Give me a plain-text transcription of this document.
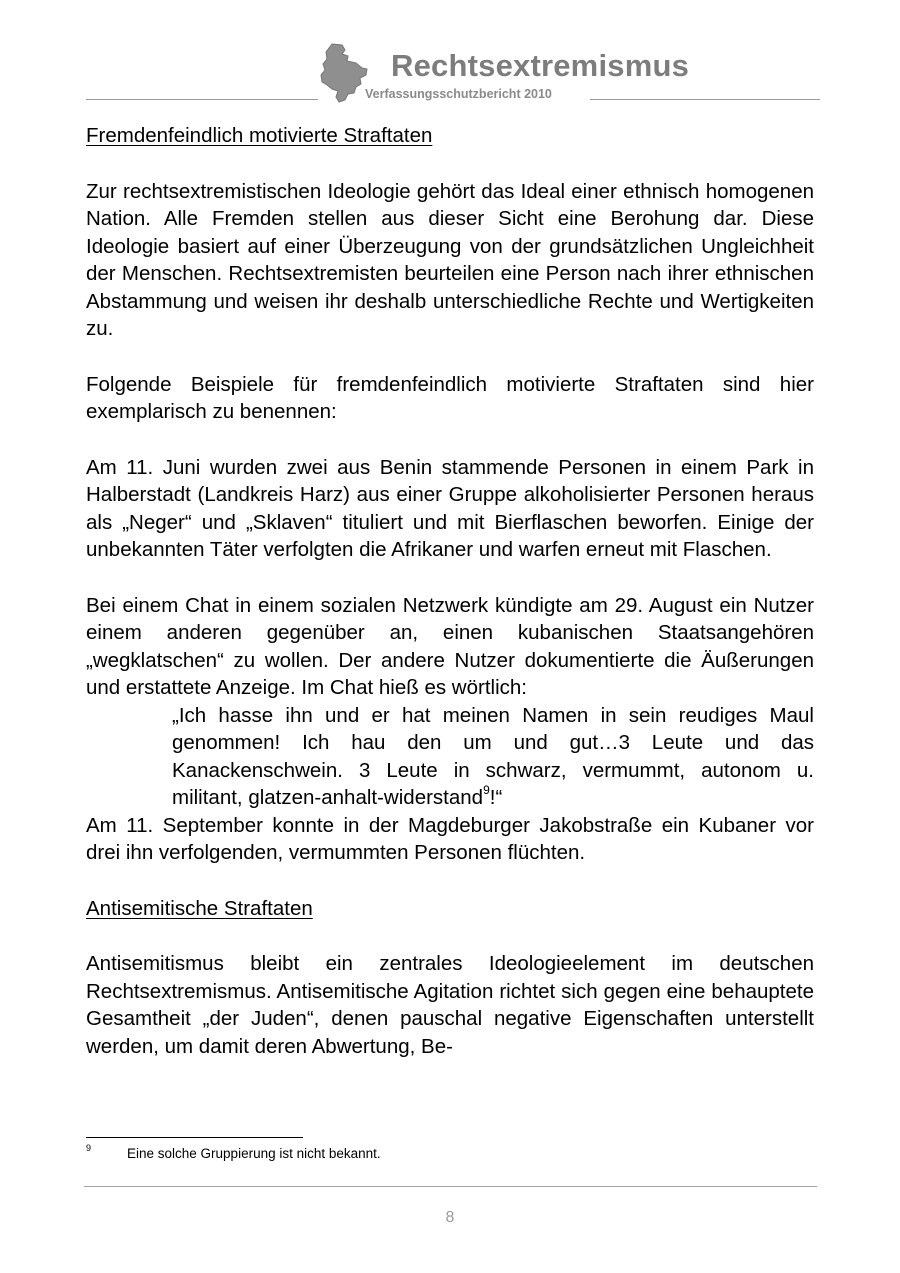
Rechtsextremismus
Verfassungsschutzbericht 2010

Fremdenfeindlich motivierte Straftaten

Zur rechtsextremistischen Ideologie gehört das Ideal einer ethnisch homogenen Nation. Alle Fremden stellen aus dieser Sicht eine Berohung dar. Diese Ideologie basiert auf einer Überzeugung von der grundsätzlichen Ungleichheit der Menschen. Rechtsextremisten beurteilen eine Person nach ihrer ethnischen Abstammung und weisen ihr deshalb unterschiedliche Rechte und Wertigkeiten zu.

Folgende Beispiele für fremdenfeindlich motivierte Straftaten sind hier exemplarisch zu benennen:

Am 11. Juni wurden zwei aus Benin stammende Personen in einem Park in Halberstadt (Landkreis Harz) aus einer Gruppe alkoholisierter Personen heraus als „Neger“ und „Sklaven“ tituliert und mit Bierflaschen beworfen. Einige der unbekannten Täter verfolgten die Afrikaner und warfen erneut mit Flaschen.

Bei einem Chat in einem sozialen Netzwerk kündigte am 29. August ein Nutzer einem anderen gegenüber an, einen kubanischen Staatsangehören „wegklatschen“ zu wollen. Der andere Nutzer dokumentierte die Äußerungen und erstattete Anzeige. Im Chat hieß es wörtlich:

„Ich hasse ihn und er hat meinen Namen in sein reudiges Maul genommen! Ich hau den um und gut…3 Leute und das Kanackenschwein. 3 Leute in schwarz, vermummt, autonom u. militant, glatzen-anhalt-widerstand$^9$!“

Am 11. September konnte in der Magdeburger Jakobstraße ein Kubaner vor drei ihn verfolgenden, vermummten Personen flüchten.

Antisemitische Straftaten

Antisemitismus bleibt ein zentrales Ideologieelement im deutschen Rechtsextremismus. Antisemitische Agitation richtet sich gegen eine behauptete Gesamtheit „der Juden“, denen pauschal negative Eigenschaften unterstellt werden, um damit deren Abwertung, Be-

9	Eine solche Gruppierung ist nicht bekannt.
8
